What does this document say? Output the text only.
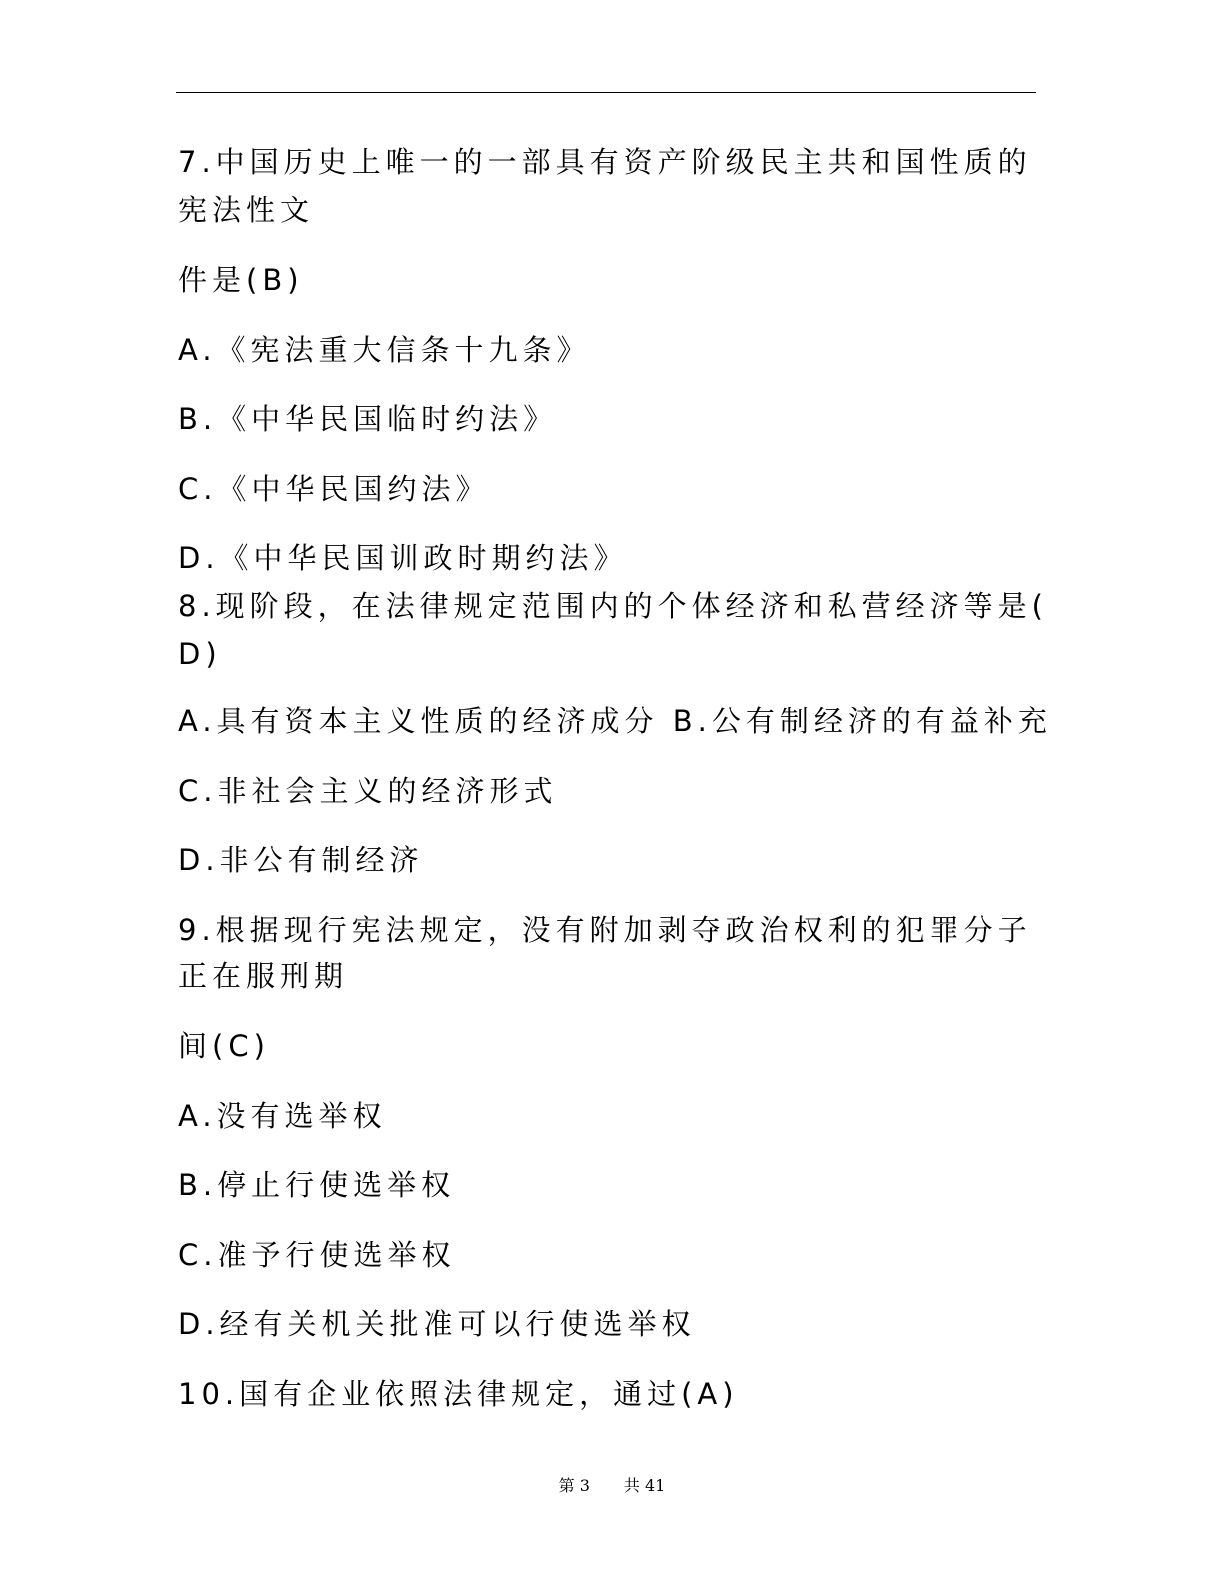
7.中国历史上唯一的一部具有资产阶级民主共和国性质的
宪法性文
件是(B)
A.《宪法重大信条十九条》
B.《中华民国临时约法》
C.《中华民国约法》
D.《中华民国训政时期约法》
8.现阶段，在法律规定范围内的个体经济和私营经济等是(
D)
A.具有资本主义性质的经济成分 B.公有制经济的有益补充
C.非社会主义的经济形式
D.非公有制经济
9.根据现行宪法规定，没有附加剥夺政治权利的犯罪分子
正在服刑期
间(C)
A.没有选举权
B.停止行使选举权
C.准予行使选举权
D.经有关机关批准可以行使选举权
10.国有企业依照法律规定，通过(A)
第 3 共 41
